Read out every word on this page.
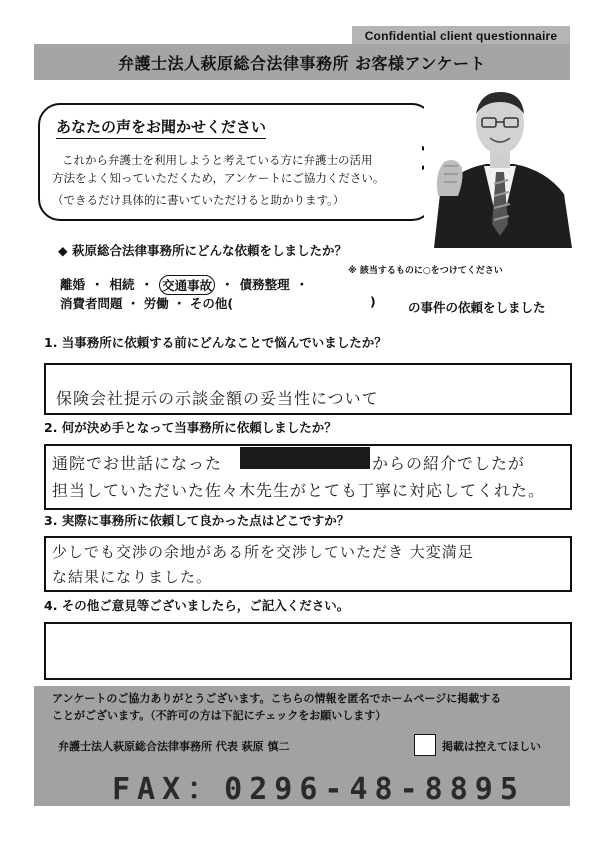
Confidential client questionnaire
弁護士法人萩原総合法律事務所 お客様アンケート
あなたの声をお聞かせください
これから弁護士を利用しようと考えている方に弁護士の活用
方法をよく知っていただくため，アンケートにご協力ください。
（できるだけ具体的に書いていただけると助かります。）
◆ 萩原総合法律事務所にどんな依頼をしましたか？
※ 該当するものに○をつけてください
離婚 ・ 相続 ・ 交通事故 ・ 債務整理 ・
消費者問題 ・ 労働 ・ その他(	)	の事件の依頼をしました
1. 当事務所に依頼する前にどんなことで悩んでいましたか？
保険会社提示の示談金額の妥当性について
2. 何が決め手となって当事務所に依頼しましたか？
通院でお世話になった	からの紹介でしたが
担当していただいた佐々木先生がとても丁寧に対応してくれた。
3. 実際に事務所に依頼して良かった点はどこですか？
少しでも交渉の余地がある所を交渉していただき 大変満足
な結果になりました。
4. その他ご意見等ございましたら，ご記入ください。
アンケートのご協力ありがとうございます。こちらの情報を匿名でホームページに掲載する
ことがございます。（不許可の方は下記にチェックをお願いします）
弁護士法人萩原総合法律事務所 代表 萩原 慎二	掲載は控えてほしい
FAX：0296-48-8895
